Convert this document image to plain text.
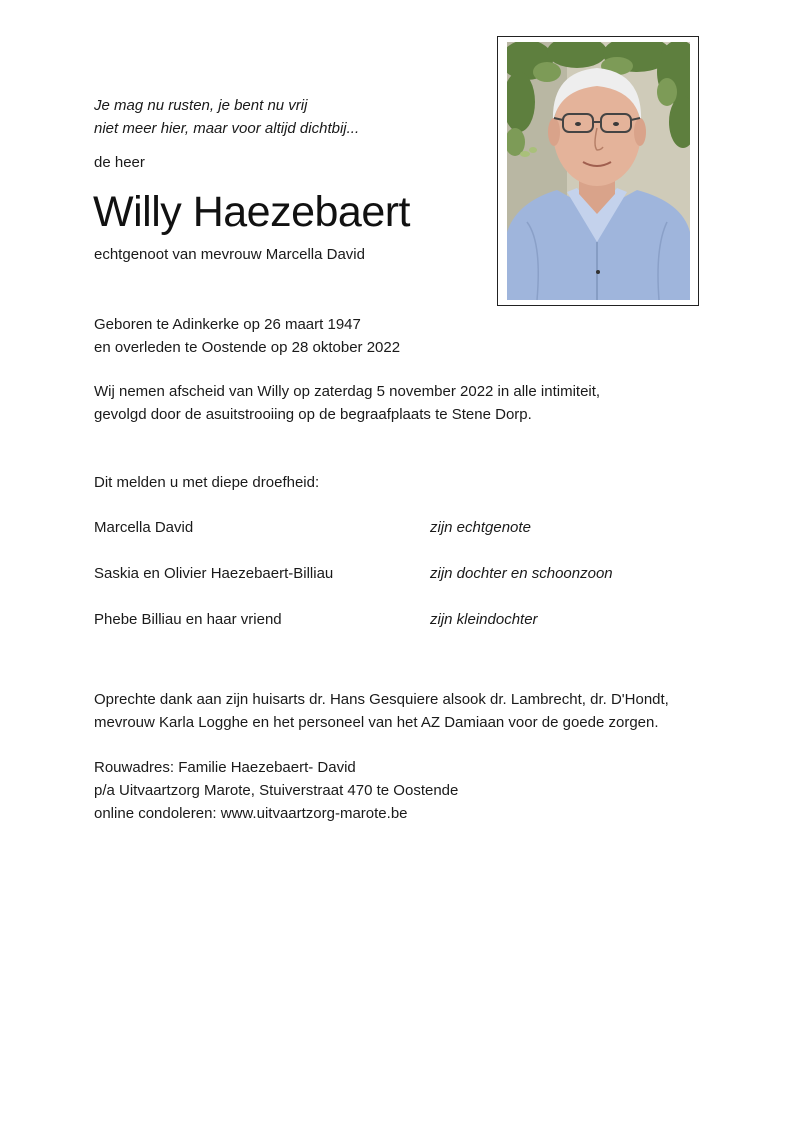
Je mag nu rusten, je bent nu vrij
niet meer hier, maar voor altijd dichtbij...
de heer
Willy Haezebaert
echtgenoot van mevrouw Marcella David
Geboren te Adinkerke op 26 maart 1947
en overleden te Oostende op 28 oktober 2022
Wij nemen afscheid van Willy op zaterdag 5 november 2022 in alle intimiteit,
gevolgd door de asuitstrooiing op de begraafplaats te Stene Dorp.
Dit melden u met diepe droefheid:
Marcella David	zijn echtgenote
Saskia en Olivier Haezebaert-Billiau	zijn dochter en schoonzoon
Phebe Billiau en haar vriend	zijn kleindochter
Oprechte dank aan zijn huisarts dr. Hans Gesquiere alsook dr. Lambrecht, dr. D'Hondt,
mevrouw Karla Logghe en het personeel van het AZ Damiaan voor de goede zorgen.
Rouwadres: Familie Haezebaert- David
p/a Uitvaartzorg Marote, Stuiverstraat 470 te Oostende
online condoleren: www.uitvaartzorg-marote.be
